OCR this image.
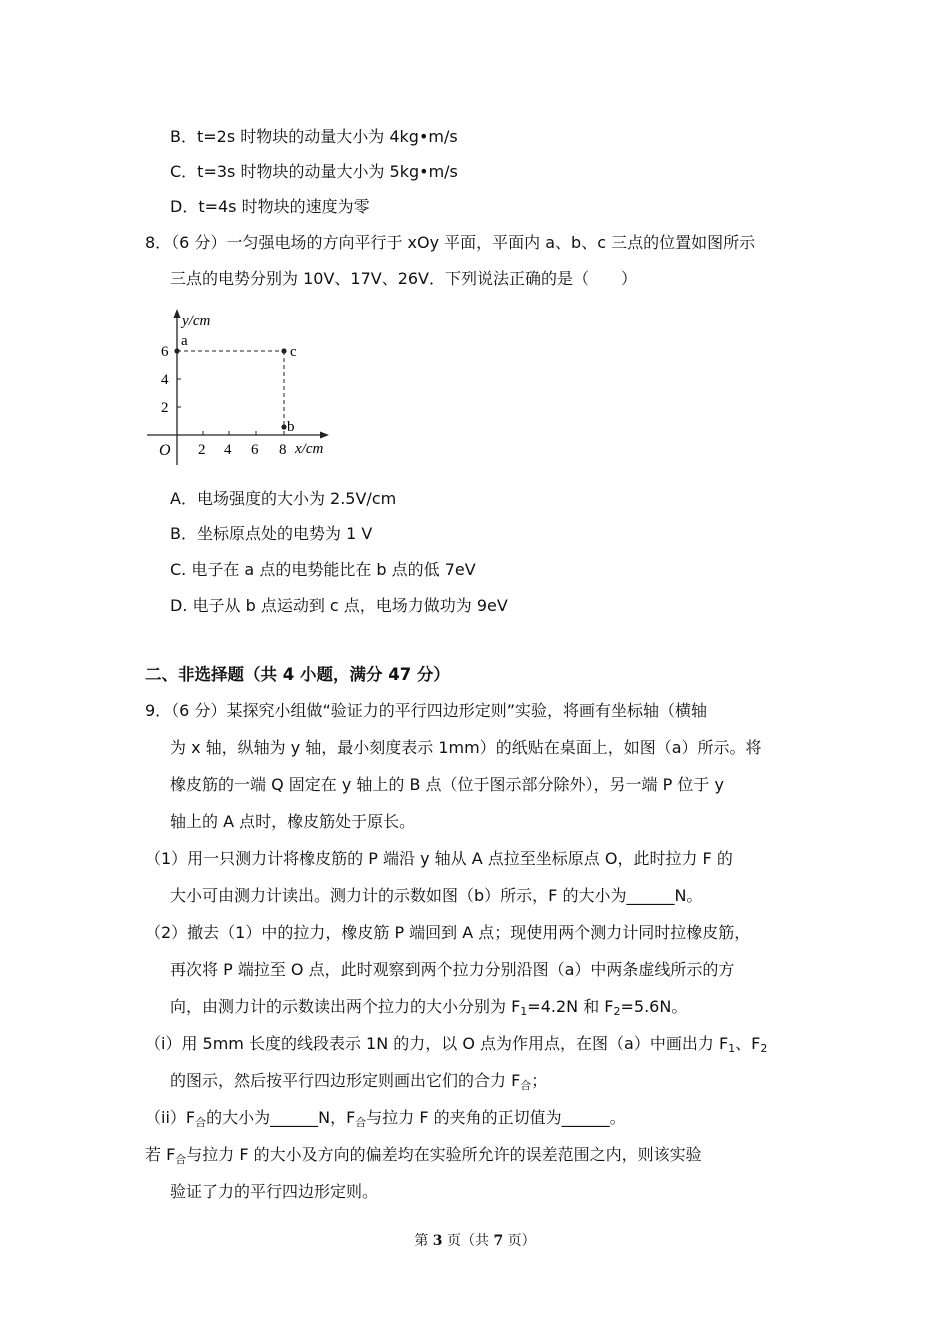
B．t=2s 时物块的动量大小为 4kg•m/s
C．t=3s 时物块的动量大小为 5kg•m/s
D．t=4s 时物块的速度为零
8．（6 分）一匀强电场的方向平行于 xOy 平面，平面内 a、b、c 三点的位置如图所示
三点的电势分别为 10V、17V、26V．下列说法正确的是（　　）
y/cm
x/cm
O
a
c
b
2
4
6
2 4 6 8
A．电场强度的大小为 2.5V/cm
B．坐标原点处的电势为 1 V
C. 电子在 a 点的电势能比在 b 点的低 7eV
D. 电子从 b 点运动到 c 点，电场力做功为 9eV
二、非选择题（共 4 小题，满分 47 分）
9．（6 分）某探究小组做“验证力的平行四边形定则”实验，将画有坐标轴（横轴
为 x 轴，纵轴为 y 轴，最小刻度表示 1mm）的纸贴在桌面上，如图（a）所示。将
橡皮筋的一端 Q 固定在 y 轴上的 B 点（位于图示部分除外），另一端 P 位于 y
轴上的 A 点时，橡皮筋处于原长。
（1）用一只测力计将橡皮筋的 P 端沿 y 轴从 A 点拉至坐标原点 O，此时拉力 F 的
大小可由测力计读出。测力计的示数如图（b）所示，F 的大小为______N。
（2）撤去（1）中的拉力，橡皮筋 P 端回到 A 点；现使用两个测力计同时拉橡皮筋，
再次将 P 端拉至 O 点，此时观察到两个拉力分别沿图（a）中两条虚线所示的方
向，由测力计的示数读出两个拉力的大小分别为 $F_1=4.2N$ 和 $F_2=5.6N$。
（i）用 5mm 长度的线段表示 1N 的力，以 O 点为作用点，在图（a）中画出力 $F_1$、$F_2$
的图示，然后按平行四边形定则画出它们的合力 $F_合$；
$(ii)F_合$的大小为______N，$F_合$与拉力 F 的夹角的正切值为______。
若 $F_合$与拉力 F 的大小及方向的偏差均在实验所允许的误差范围之内，则该实验
验证了力的平行四边形定则。
第 3 页（共 7 页）
